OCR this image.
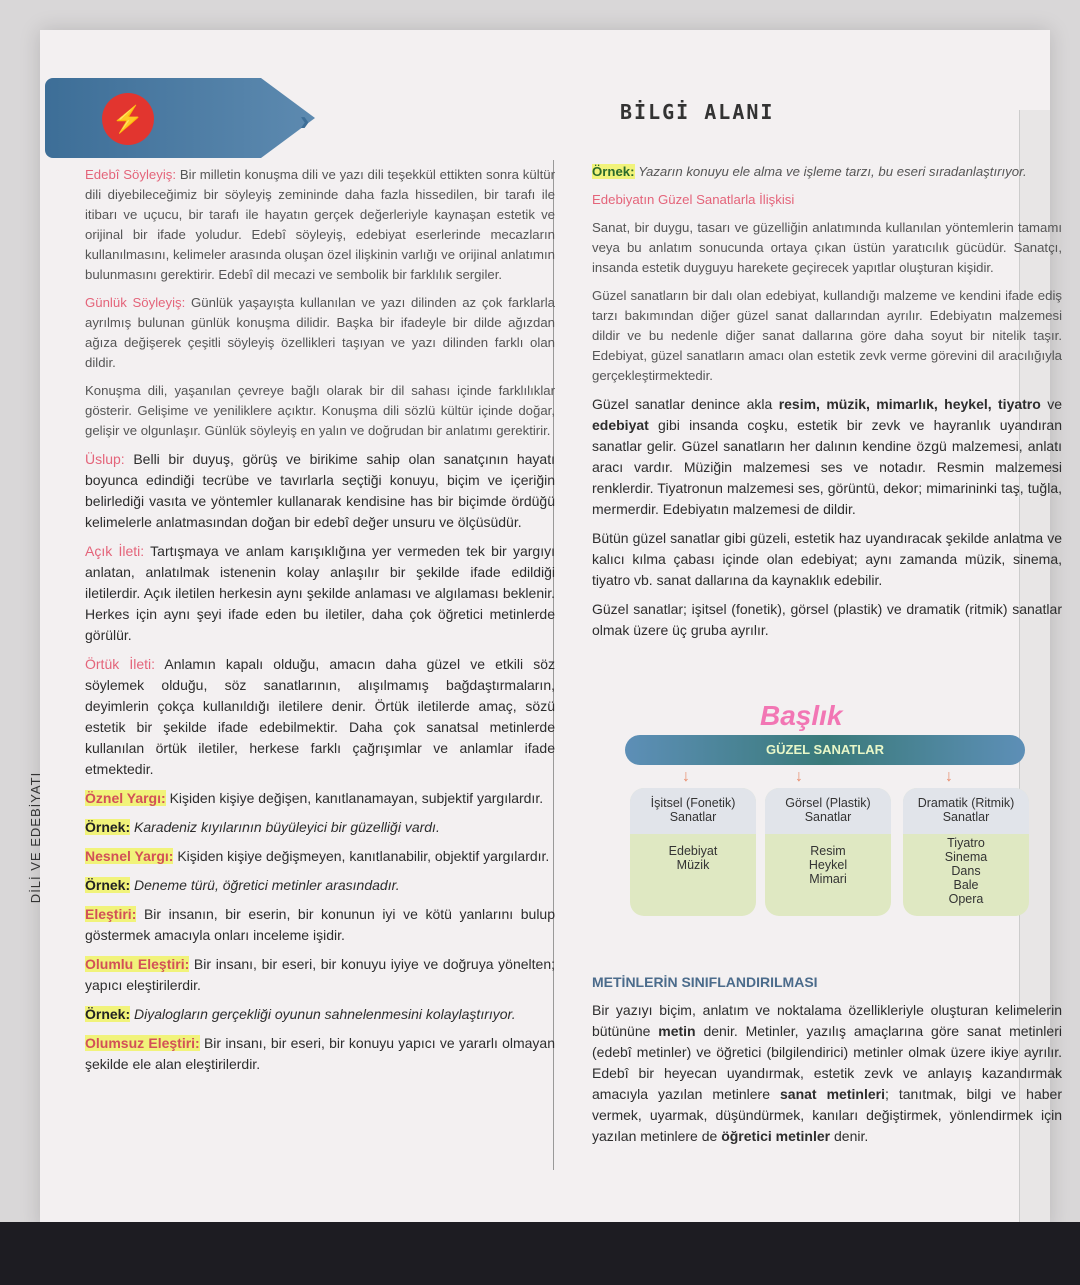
⚡	›	BİLGİ ALANI
DİLİ VE EDEBİYATI

Edebî Söyleyiş: Bir milletin konuşma dili ve yazı dili teşekkül ettikten sonra kültür dili diyebileceğimiz bir söyleyiş zemininde daha fazla hissedilen, bir tarafı ile itibarı ve uçucu, bir tarafı ile hayatın gerçek değerleriyle kaynaşan estetik ve orijinal bir ifade yoludur. Edebî söyleyiş, edebiyat eserlerinde mecazların kullanılmasını, kelimeler arasında oluşan özel ilişkinin varlığı ve orijinal anlatımın bulunmasını gerektirir. Edebî dil mecazi ve sembolik bir farklılık sergiler.

Günlük Söyleyiş: Günlük yaşayışta kullanılan ve yazı dilinden az çok farklarla ayrılmış bulunan günlük konuşma dilidir. Başka bir ifadeyle bir dilde ağızdan ağıza değişerek çeşitli söyleyiş özellikleri taşıyan ve yazı dilinden farklı olan dildir.

Konuşma dili, yaşanılan çevreye bağlı olarak bir dil sahası içinde farklılıklar gösterir. Gelişime ve yeniliklere açıktır. Konuşma dili sözlü kültür içinde doğar, gelişir ve olgunlaşır. Günlük söyleyiş en yalın ve doğrudan bir anlatımı gerektirir.

Üslup: Belli bir duyuş, görüş ve birikime sahip olan sanatçının hayatı boyunca edindiği tecrübe ve tavırlarla seçtiği konuyu, biçim ve içeriğin belirlediği vasıta ve yöntemler kullanarak kendisine has bir biçimde ördüğü kelimelerle anlatmasından doğan bir edebî değer unsuru ve ölçüsüdür.

Açık İleti: Tartışmaya ve anlam karışıklığına yer vermeden tek bir yargıyı anlatan, anlatılmak istenenin kolay anlaşılır bir şekilde ifade edildiği iletilerdir. Açık iletilen herkesin aynı şekilde anlaması ve algılaması beklenir. Herkes için aynı şeyi ifade eden bu iletiler, daha çok öğretici metinlerde görülür.

Örtük İleti: Anlamın kapalı olduğu, amacın daha güzel ve etkili söz söylemek olduğu, söz sanatlarının, alışılmamış bağdaştırmaların, deyimlerin çokça kullanıldığı iletilere denir. Örtük iletilerde amaç, sözü estetik bir şekilde ifade edebilmektir. Daha çok sanatsal metinlerde kullanılan örtük iletiler, herkese farklı çağrışımlar ve anlamlar ifade etmektedir.

Öznel Yargı: Kişiden kişiye değişen, kanıtlanamayan, subjektif yargılardır.

Örnek: Karadeniz kıyılarının büyüleyici bir güzelliği vardı.

Nesnel Yargı: Kişiden kişiye değişmeyen, kanıtlanabilir, objektif yargılardır.

Örnek: Deneme türü, öğretici metinler arasındadır.

Eleştiri: Bir insanın, bir eserin, bir konunun iyi ve kötü yanlarını bulup göstermek amacıyla onları inceleme işidir.

Olumlu Eleştiri: Bir insanı, bir eseri, bir konuyu iyiye ve doğruya yönelten; yapıcı eleştirilerdir.

Örnek: Diyalogların gerçekliği oyunun sahnelenmesini kolaylaştırıyor.

Olumsuz Eleştiri: Bir insanı, bir eseri, bir konuyu yapıcı ve yararlı olmayan şekilde ele alan eleştirilerdir.

Örnek: Yazarın konuyu ele alma ve işleme tarzı, bu eseri sıradanlaştırıyor.

Edebiyatın Güzel Sanatlarla İlişkisi

Sanat, bir duygu, tasarı ve güzelliğin anlatımında kullanılan yöntemlerin tamamı veya bu anlatım sonucunda ortaya çıkan üstün yaratıcılık gücüdür. Sanatçı, insanda estetik duyguyu harekete geçirecek yapıtlar oluşturan kişidir.

Güzel sanatların bir dalı olan edebiyat, kullandığı malzeme ve kendini ifade ediş tarzı bakımından diğer güzel sanat dallarından ayrılır. Edebiyatın malzemesi dildir ve bu nedenle diğer sanat dallarına göre daha soyut bir nitelik taşır. Edebiyat, güzel sanatların amacı olan estetik zevk verme görevini dil aracılığıyla gerçekleştirmektedir.

Güzel sanatlar denince akla resim, müzik, mimarlık, heykel, tiyatro ve edebiyat gibi insanda coşku, estetik bir zevk ve hayranlık uyandıran sanatlar gelir. Güzel sanatların her dalının kendine özgü malzemesi, anlatı aracı vardır. Müziğin malzemesi ses ve notadır. Resmin malzemesi renklerdir. Tiyatronun malzemesi ses, görüntü, dekor; mimarininki taş, tuğla, mermerdir. Edebiyatın malzemesi de dildir.

Bütün güzel sanatlar gibi güzeli, estetik haz uyandıracak şekilde anlatma ve kalıcı kılma çabası içinde olan edebiyat; aynı zamanda müzik, sinema, tiyatro vb. sanat dallarına da kaynaklık edebilir.

Güzel sanatlar; işitsel (fonetik), görsel (plastik) ve dramatik (ritmik) sanatlar olmak üzere üç gruba ayrılır.

Başlık
GÜZEL SANATLAR
↓	↓	↓
İşitsel (Fonetik) Sanatlar
Edebiyat
Müzik
Görsel (Plastik) Sanatlar
Resim
Heykel
Mimari
Dramatik (Ritmik) Sanatlar
Tiyatro
Sinema
Dans
Bale
Opera

METİNLERİN SINIFLANDIRILMASI

Bir yazıyı biçim, anlatım ve noktalama özellikleriyle oluşturan kelimelerin bütününe metin denir. Metinler, yazılış amaçlarına göre sanat metinleri (edebî metinler) ve öğretici (bilgilendirici) metinler olmak üzere ikiye ayrılır. Edebî bir heyecan uyandırmak, estetik zevk ve anlayış kazandırmak amacıyla yazılan metinlere sanat metinleri; tanıtmak, bilgi ve haber vermek, uyarmak, düşündürmek, kanıları değiştirmek, yönlendirmek için yazılan metinlere de öğretici metinler denir.
